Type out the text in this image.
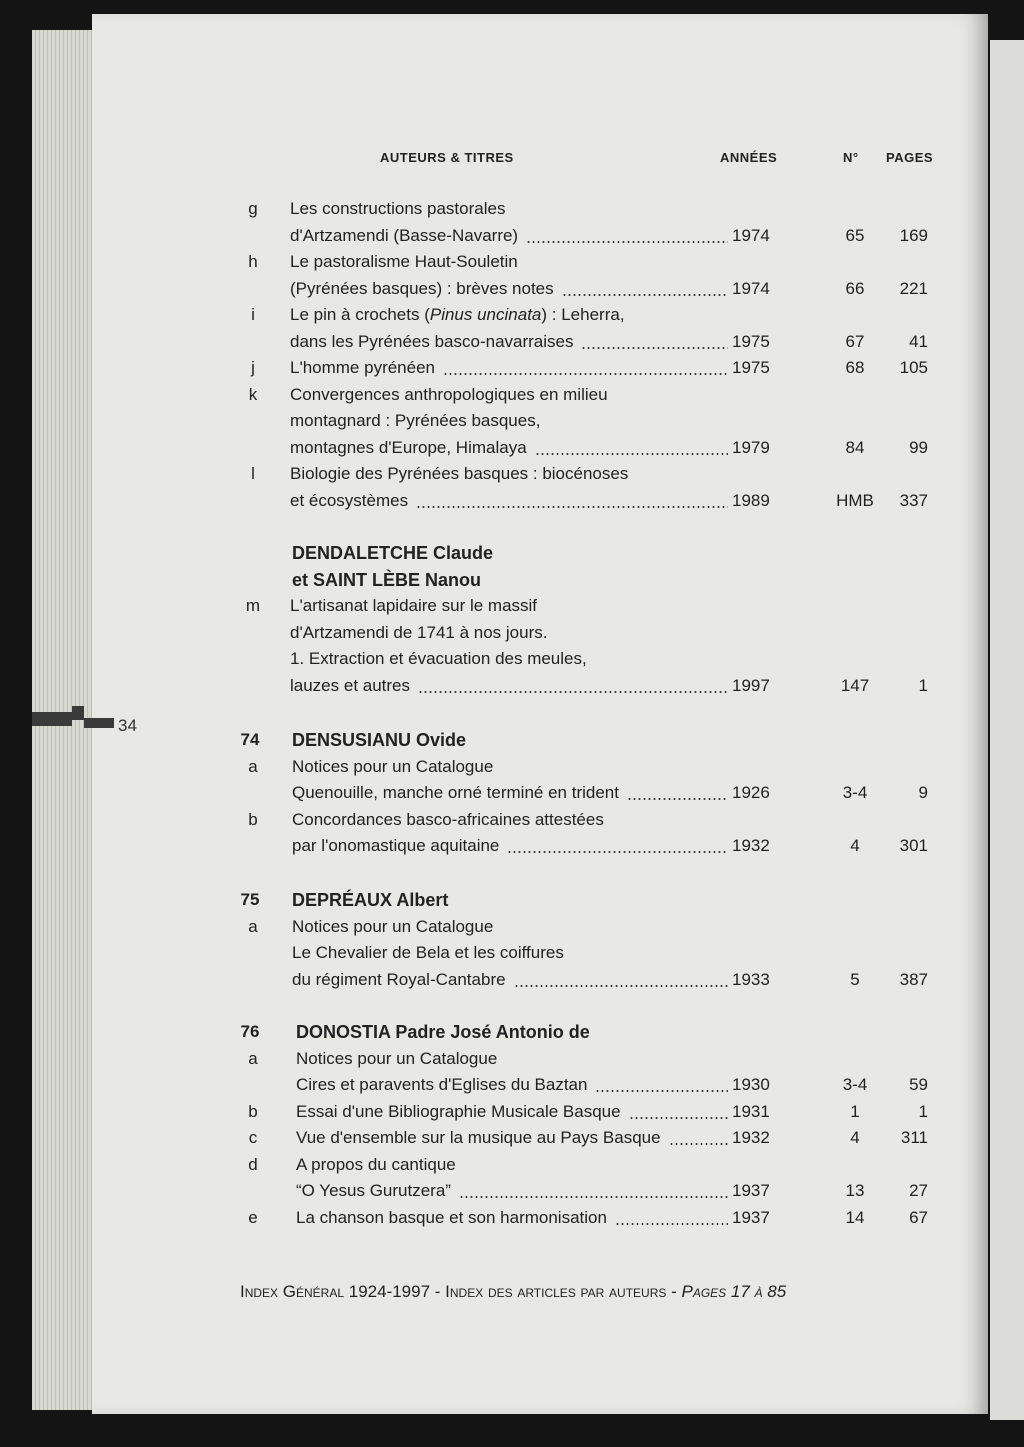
34
AUTEURS & TITRES	ANNÉES	N° PAGES
g	Les constructions pastorales
d'Artzamendi (Basse-Navarre)	1974	65	169
h	Le pastoralisme Haut-Souletin
(Pyrénées basques) : brèves notes	1974	66	221
i	Le pin à crochets (Pinus uncinata) : Leherra,
dans les Pyrénées basco-navarraises	1975	67	41
j	L'homme pyrénéen	1975	68	105
k	Convergences anthropologiques en milieu
montagnard : Pyrénées basques,
montagnes d'Europe, Himalaya	1979	84	99
l	Biologie des Pyrénées basques : biocénoses
et écosystèmes	1989	HMB	337
DENDALETCHE Claude
et SAINT LÈBE Nanou
m	L'artisanat lapidaire sur le massif
d'Artzamendi de 1741 à nos jours.
1. Extraction et évacuation des meules,
lauzes et autres	1997	147	1
74	DENSUSIANU Ovide
a	Notices pour un Catalogue
Quenouille, manche orné terminé en trident	1926	3-4	9
b	Concordances basco-africaines attestées
par l'onomastique aquitaine	1932	4	301
75	DEPRÉAUX Albert
a	Notices pour un Catalogue
Le Chevalier de Bela et les coiffures
du régiment Royal-Cantabre	1933	5	387
76	DONOSTIA Padre José Antonio de
a	Notices pour un Catalogue
Cires et paravents d'Eglises du Baztan	1930	3-4	59
b	Essai d'une Bibliographie Musicale Basque	1931	1	1
c	Vue d'ensemble sur la musique au Pays Basque	1932	4	311
d	A propos du cantique
“O Yesus Gurutzera”	1937	13	27
e	La chanson basque et son harmonisation	1937	14	67
Index Général 1924-1997 - Index des articles par auteurs - Pages 17 à 85
